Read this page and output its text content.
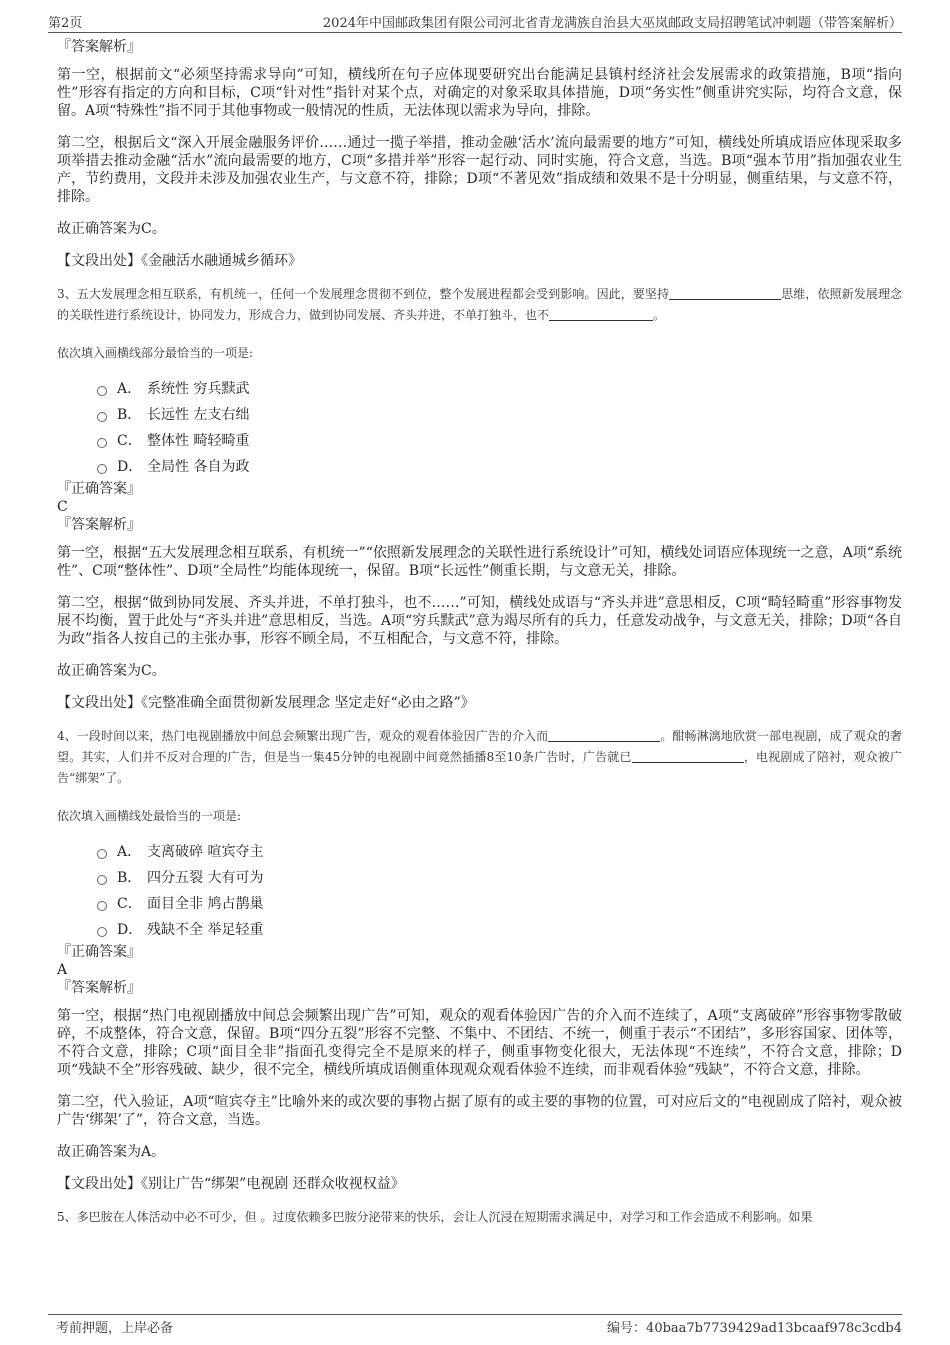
第2页	2024年中国邮政集团有限公司河北省青龙满族自治县大巫岚邮政支局招聘笔试冲刺题（带答案解析）

『答案解析』

第一空，根据前文“必须坚持需求导向”可知，横线所在句子应体现要研究出台能满足县镇村经济社会发展需求的政策措施，B项“指向性”形容有指定的方向和目标，C项“针对性”指针对某个点，对确定的对象采取具体措施，D项“务实性”侧重讲究实际，均符合文意，保留。A项“特殊性”指不同于其他事物或一般情况的性质，无法体现以需求为导向，排除。

第二空，根据后文“深入开展金融服务评价……通过一揽子举措，推动金融‘活水’流向最需要的地方”可知，横线处所填成语应体现采取多项举措去推动金融“活水”流向最需要的地方，C项“多措并举”形容一起行动、同时实施，符合文意，当选。B项“强本节用”指加强农业生产，节约费用，文段并未涉及加强农业生产，与文意不符，排除；D项“不著见效”指成绩和效果不是十分明显，侧重结果，与文意不符，排除。

故正确答案为C。

【文段出处】《金融活水融通城乡循环》

3、五大发展理念相互联系，有机统一，任何一个发展理念贯彻不到位，整个发展进程都会受到影响。因此，要坚持	思维，依照新发展理念的关联性进行系统设计，协同发力，形成合力，做到协同发展、齐头并进，不单打独斗，也不	。

依次填入画横线部分最恰当的一项是:

A． 系统性 穷兵黩武
B． 长远性 左支右绌
C． 整体性 畸轻畸重
D． 全局性 各自为政

『正确答案』

C

『答案解析』

第一空，根据“五大发展理念相互联系，有机统一”“依照新发展理念的关联性进行系统设计”可知，横线处词语应体现统一之意，A项“系统性”、C项“整体性”、D项“全局性”均能体现统一，保留。B项“长远性”侧重长期，与文意无关，排除。

第二空，根据“做到协同发展、齐头并进，不单打独斗，也不……”可知，横线处成语与“齐头并进”意思相反，C项“畸轻畸重”形容事物发展不均衡，置于此处与“齐头并进”意思相反，当选。A项“穷兵黩武”意为竭尽所有的兵力，任意发动战争，与文意无关，排除；D项“各自为政”指各人按自己的主张办事，形容不顾全局，不互相配合，与文意不符，排除。

故正确答案为C。

【文段出处】《完整准确全面贯彻新发展理念 坚定走好“必由之路”》

4、一段时间以来，热门电视剧播放中间总会频繁出现广告，观众的观看体验因广告的介入而	。酣畅淋漓地欣赏一部电视剧，成了观众的奢望。其实，人们并不反对合理的广告，但是当一集45分钟的电视剧中间竟然插播8至10条广告时，广告就已	，电视剧成了陪衬，观众被广告“绑架”了。

依次填入画横线处最恰当的一项是:

A． 支离破碎 喧宾夺主
B． 四分五裂 大有可为
C． 面目全非 鸠占鹊巢
D． 残缺不全 举足轻重

『正确答案』

A

『答案解析』

第一空，根据“热门电视剧播放中间总会频繁出现广告”可知，观众的观看体验因广告的介入而不连续了，A项“支离破碎”形容事物零散破碎，不成整体，符合文意，保留。B项“四分五裂”形容不完整、不集中、不团结、不统一，侧重于表示“不团结”，多形容国家、团体等，不符合文意，排除；C项“面目全非”指面孔变得完全不是原来的样子，侧重事物变化很大，无法体现“不连续”，不符合文意，排除；D项“残缺不全”形容残破、缺少，很不完全，横线所填成语侧重体现观众观看体验不连续，而非观看体验“残缺”，不符合文意，排除。

第二空，代入验证，A项“喧宾夺主”比喻外来的或次要的事物占据了原有的或主要的事物的位置，可对应后文的“电视剧成了陪衬，观众被广告‘绑架’了”，符合文意，当选。

故正确答案为A。

【文段出处】《别让广告“绑架”电视剧 还群众收视权益》

5、多巴胺在人体活动中必不可少，但 。过度依赖多巴胺分泌带来的快乐，会让人沉浸在短期需求满足中，对学习和工作会造成不利影响。如果

考前押题，上岸必备	编号：40baa7b7739429ad13bcaaf978c3cdb4
